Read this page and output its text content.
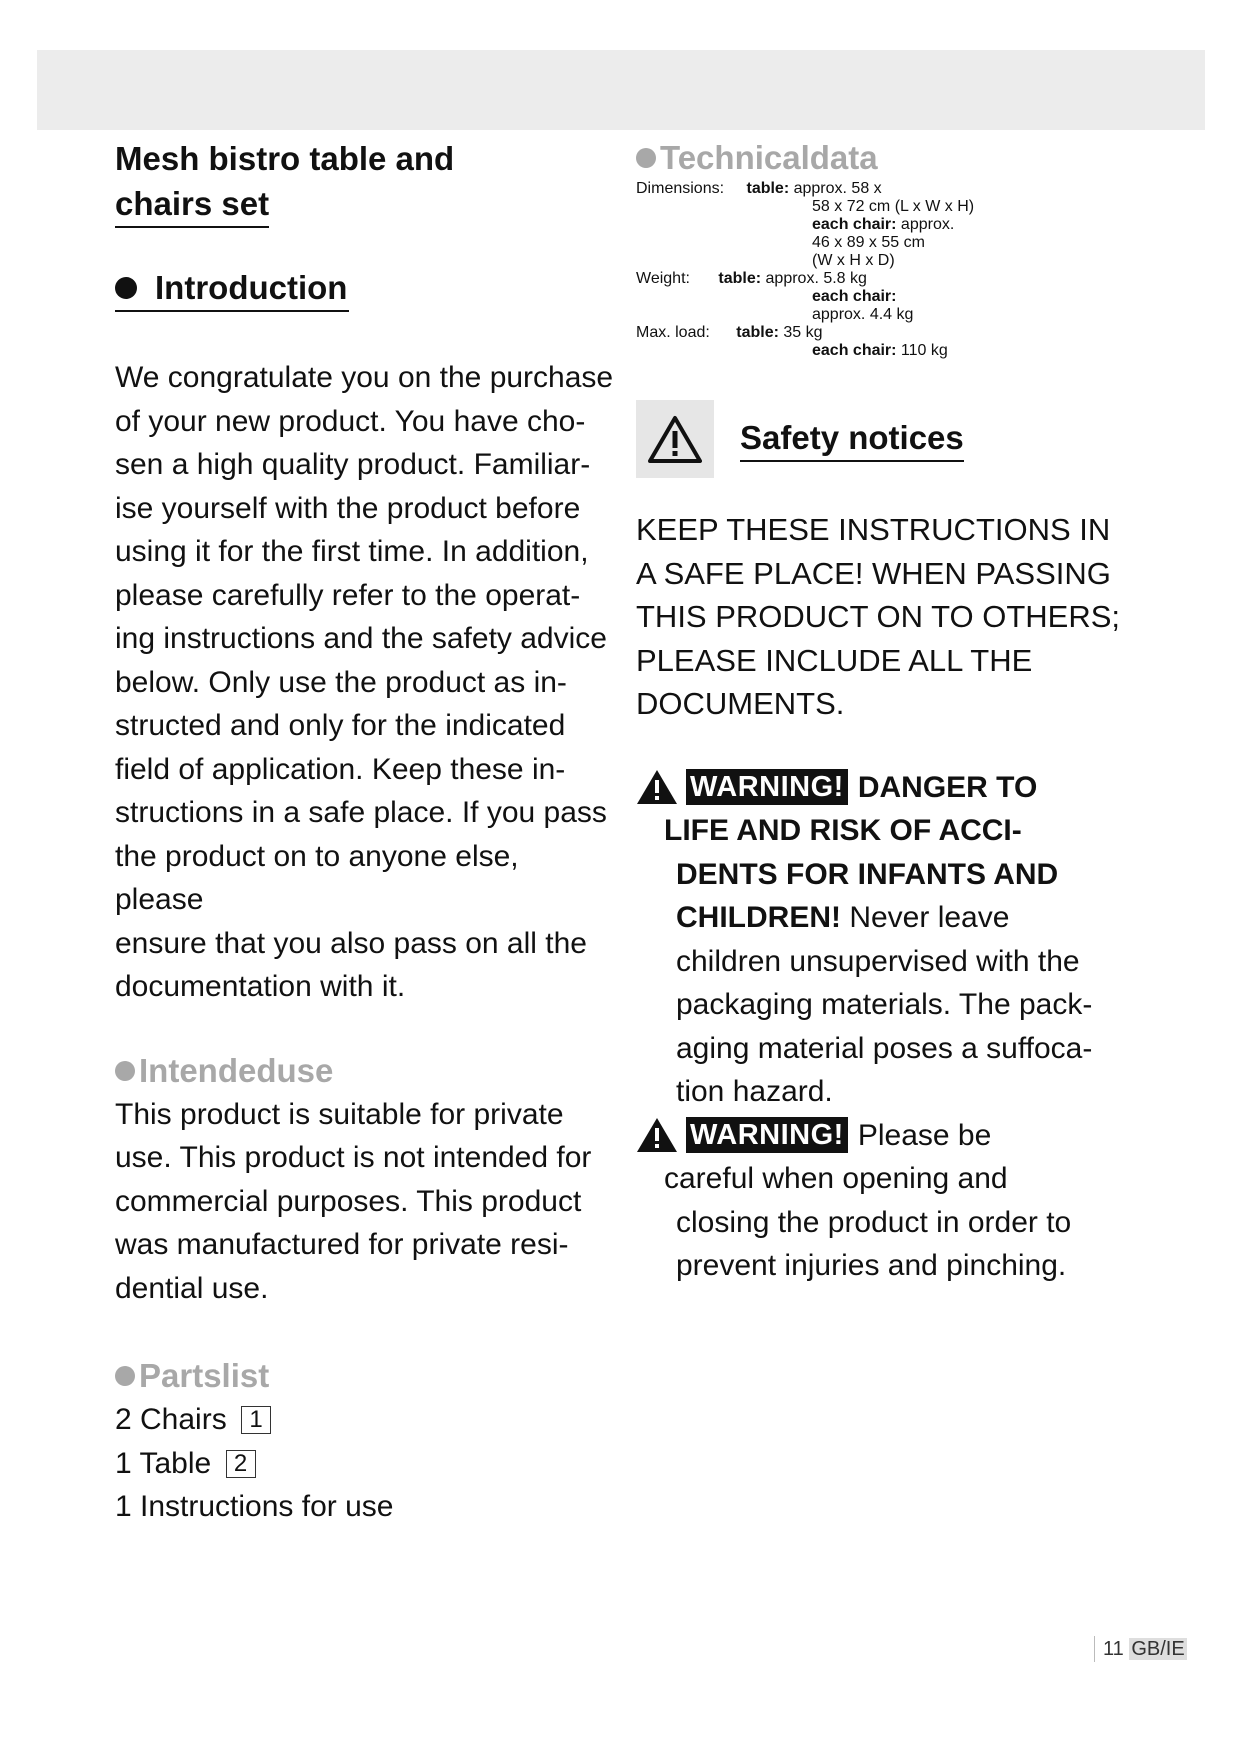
Mesh bistro table and
chairs set
Introduction
We congratulate you on the purchase
of your new product. You have cho-
sen a high quality product. Familiar-
ise yourself with the product before
using it for the first time. In addition,
please carefully refer to the operat-
ing instructions and the safety advice
below. Only use the product as in-
structed and only for the indicated
field of application. Keep these in-
structions in a safe place. If you pass
the product on to anyone else, please
ensure that you also pass on all the
documentation with it.
Intendeduse
This product is suitable for private
use. This product is not intended for
commercial purposes. This product
was manufactured for private resi-
dential use.
Partslist
2 Chairs 1
1 Table 2
1 Instructions for use
Technicaldata
Dimensions: table: approx. 58 x
58 x 72 cm (L x W x H)
each chair: approx.
46 x 89 x 55 cm
(W x H x D)
Weight: table: approx. 5.8 kg
each chair:
approx. 4.4 kg
Max. load: table: 35 kg
each chair: 110 kg
Safety notices
KEEP THESE INSTRUCTIONS IN
A SAFE PLACE! WHEN PASSING
THIS PRODUCT ON TO OTHERS;
PLEASE INCLUDE ALL THE
DOCUMENTS.
WARNING! DANGER TO
LIFE AND RISK OF ACCI-
DENTS FOR INFANTS AND
CHILDREN! Never leave
children unsupervised with the
packaging materials. The pack-
aging material poses a suffoca-
tion hazard.
WARNING! Please be
careful when opening and
closing the product in order to
prevent injuries and pinching.
11 GB/IE
